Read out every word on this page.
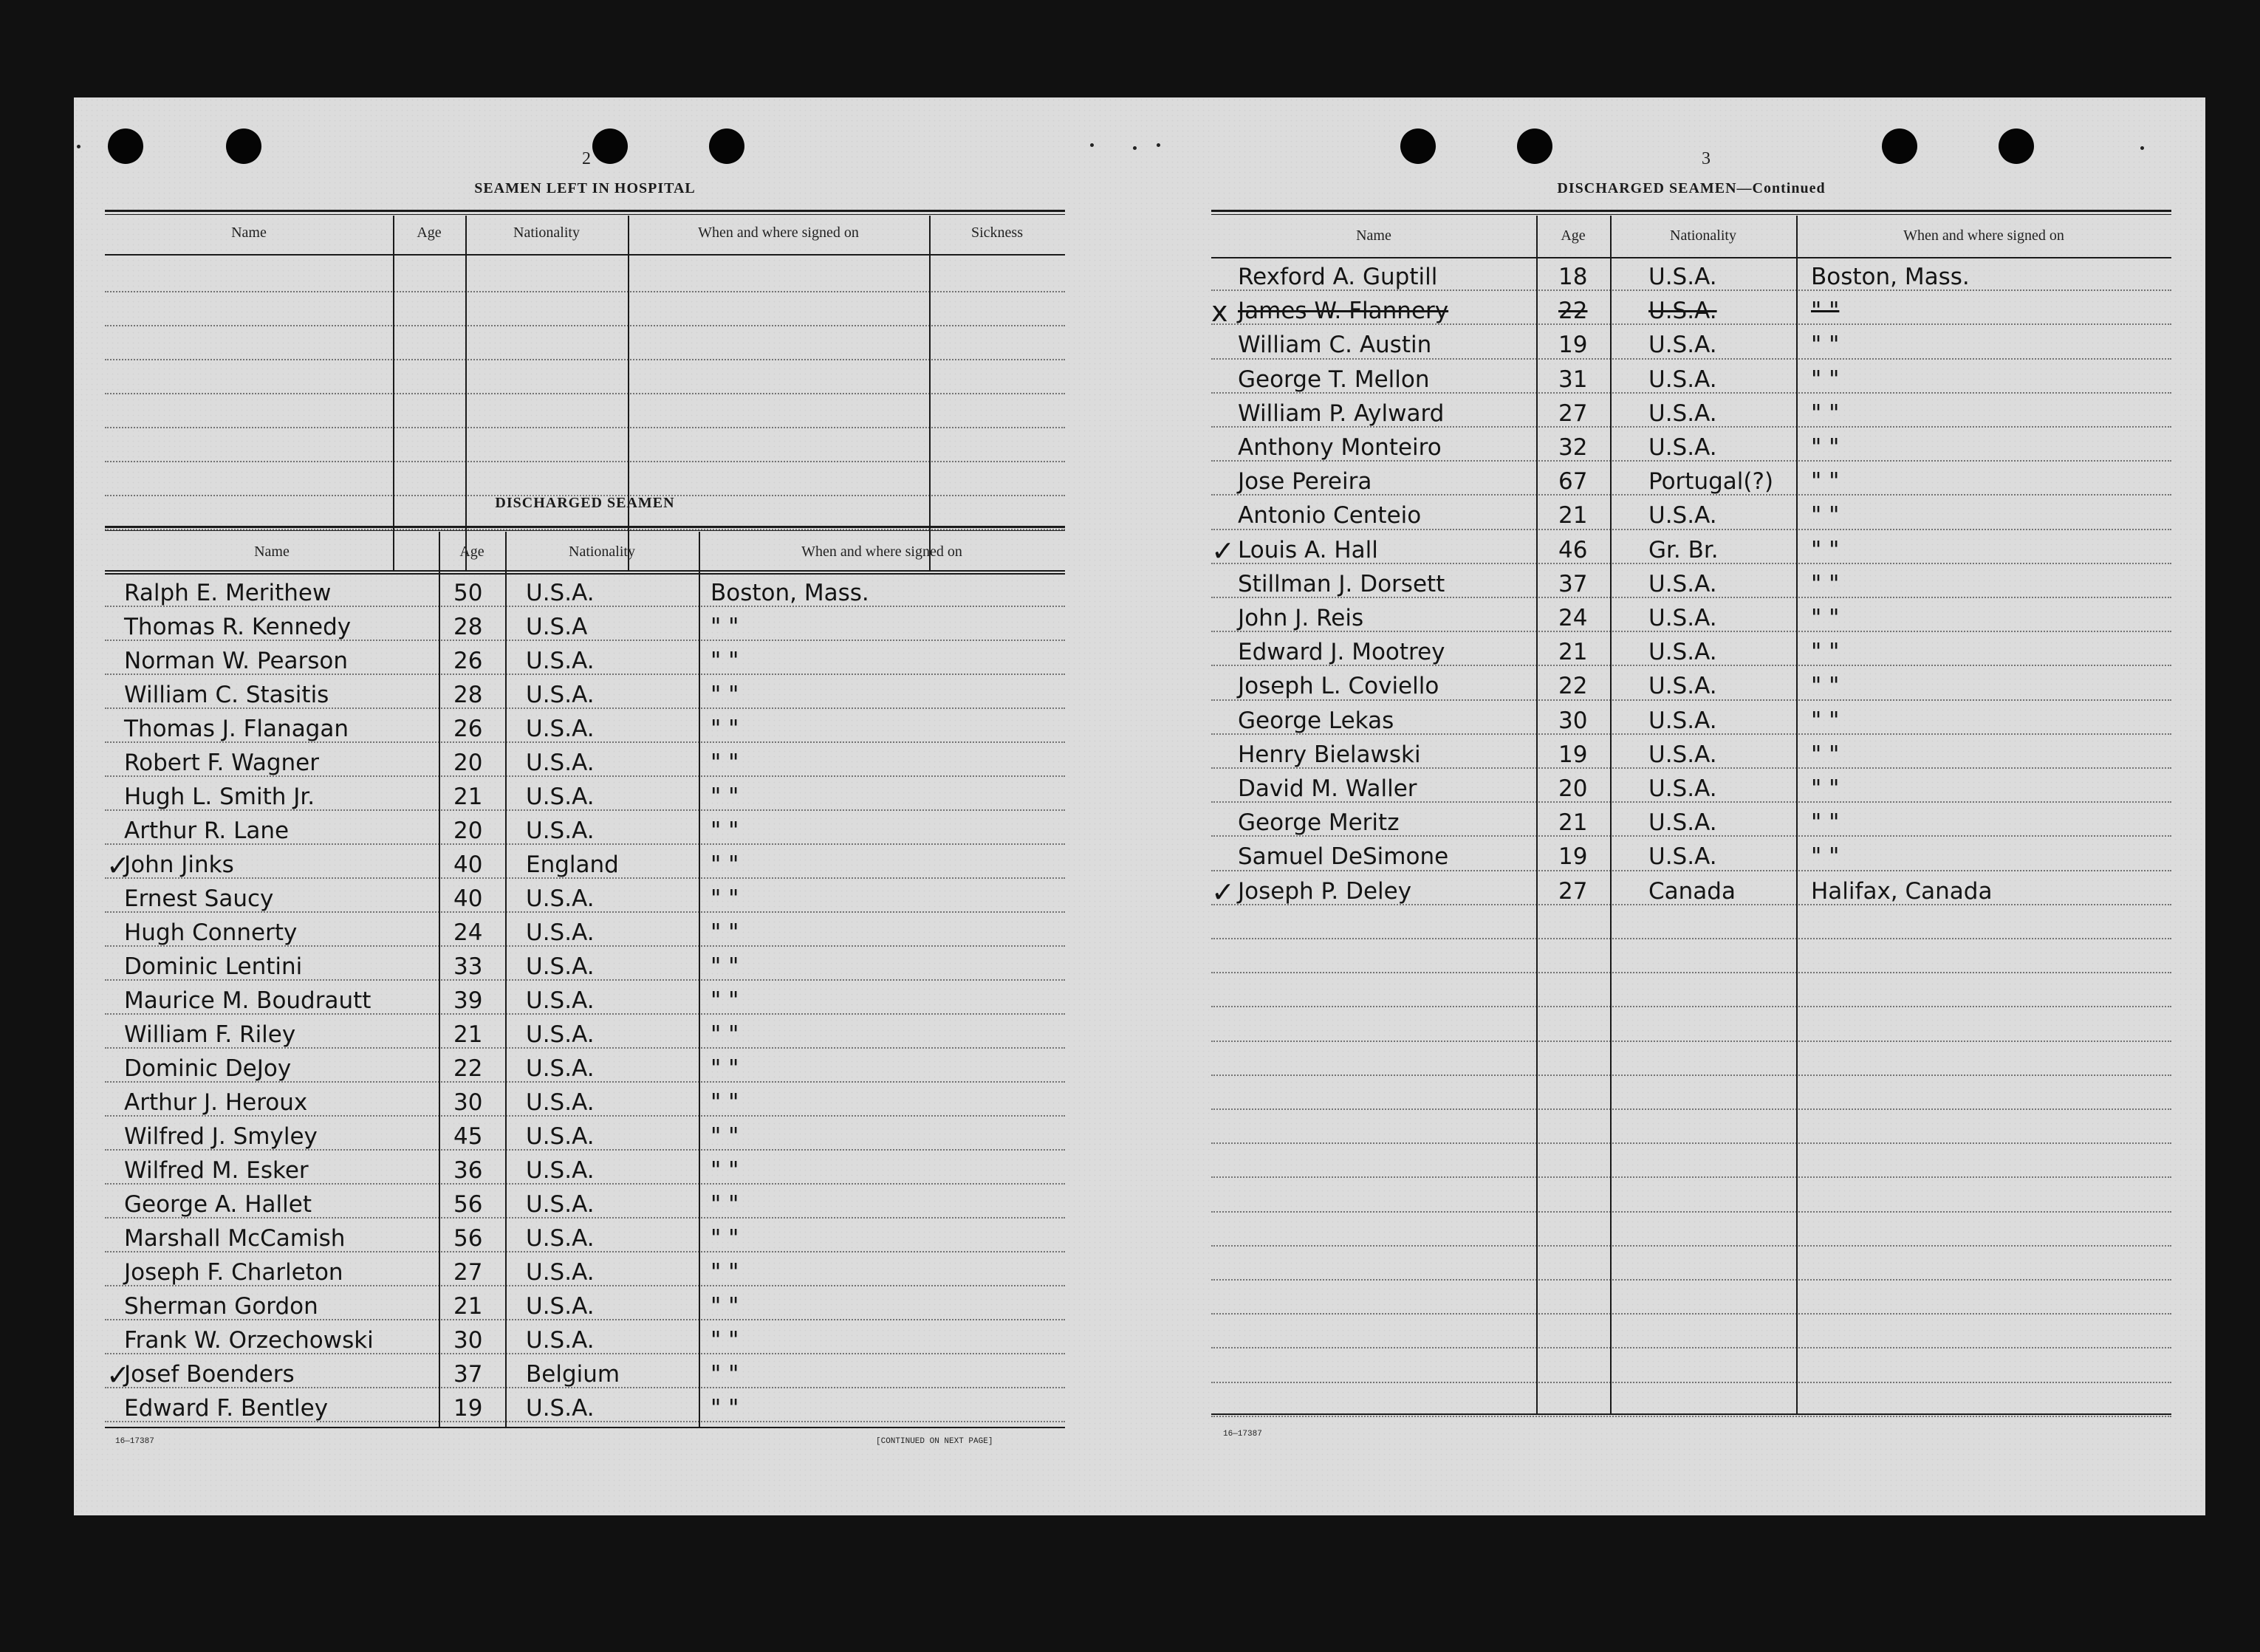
2
SEAMEN LEFT IN HOSPITAL
Name	Age	Nationality	When and where signed on	Sickness
DISCHARGED SEAMEN
Name	Age	Nationality	When and where signed on
Ralph E. Merithew	50 U.S.A.	Boston, Mass.
Thomas R. Kennedy	28 U.S.A	" "
Norman W. Pearson	26 U.S.A.	" "
William C. Stasitis	28 U.S.A.	" "
Thomas J. Flanagan	26 U.S.A.	" "
Robert F. Wagner	20 U.S.A.	" "
Hugh L. Smith Jr.	21 U.S.A.	" "
Arthur R. Lane	20 U.S.A.	" "
John Jinks	40 England	" "
✓
Ernest Saucy	40 U.S.A.	" "
Hugh Connerty	24 U.S.A.	" "
Dominic Lentini	33 U.S.A.	" "
Maurice M. Boudrautt	39 U.S.A.	" "
William F. Riley	21 U.S.A.	" "
Dominic DeJoy	22 U.S.A.	" "
Arthur J. Heroux	30 U.S.A.	" "
Wilfred J. Smyley	45 U.S.A.	" "
Wilfred M. Esker	36 U.S.A.	" "
George A. Hallet	56 U.S.A.	" "
Marshall McCamish	56 U.S.A.	" "
Joseph F. Charleton	27 U.S.A.	" "
Sherman Gordon	21 U.S.A.	" "
Frank W. Orzechowski	30 U.S.A.	" "
Josef Boenders	37 Belgium	" "
✓
Edward F. Bentley	19 U.S.A.	" "
16—17387	[CONTINUED ON NEXT PAGE]
3
DISCHARGED SEAMEN—Continued
Name	Age	Nationality	When and where signed on
Rexford A. Guptill	18	U.S.A.	Boston, Mass.
James W. Flannery	22	U.S.A.	" "
x
William C. Austin	19	U.S.A.	" "
George T. Mellon	31	U.S.A.	" "
William P. Aylward	27	U.S.A.	" "
Anthony Monteiro	32	U.S.A.	" "
Jose Pereira	67	Portugal(?) " "
Antonio Centeio	21	U.S.A.	" "
Louis A. Hall	46	Gr. Br.	" "
✓
Stillman J. Dorsett	37	U.S.A.	" "
John J. Reis	24	U.S.A.	" "
Edward J. Mootrey	21	U.S.A.	" "
Joseph L. Coviello	22	U.S.A.	" "
George Lekas	30	U.S.A.	" "
Henry Bielawski	19	U.S.A.	" "
David M. Waller	20	U.S.A.	" "
George Meritz	21	U.S.A.	" "
Samuel DeSimone	19	U.S.A.	" "
Joseph P. Deley	27	Canada	Halifax, Canada
✓
16—17387
